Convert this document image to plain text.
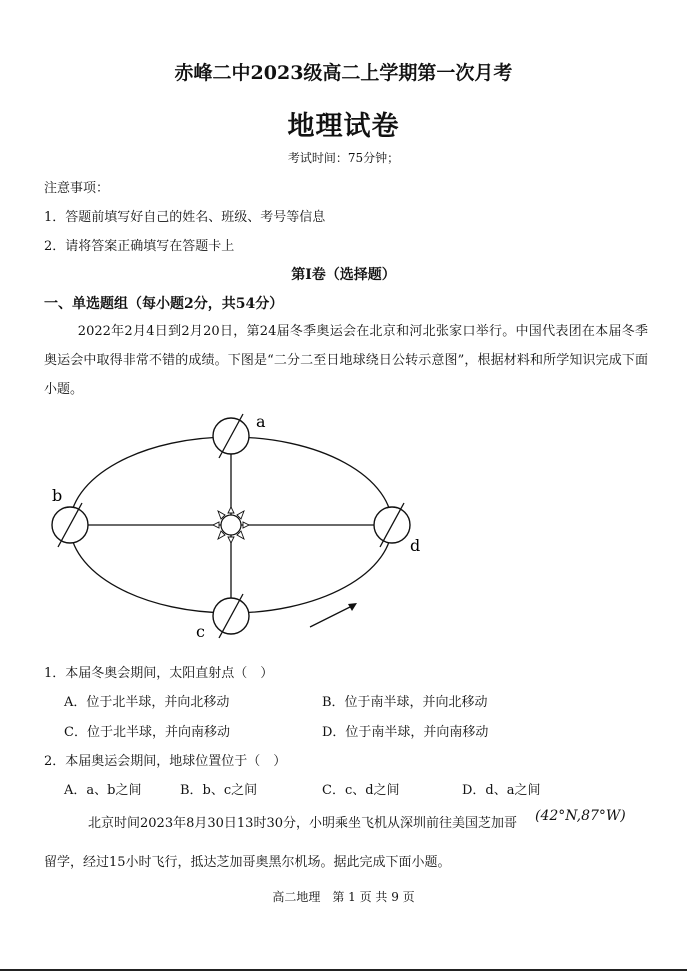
赤峰二中2023级高二上学期第一次月考
地理试卷
考试时间：75分钟；
注意事项：
1．答题前填写好自己的姓名、班级、考号等信息
2．请将答案正确填写在答题卡上
第Ⅰ卷（选择题）
一、单选题组（每小题2分，共54分）
2022年2月4日到2月20日，第24届冬季奥运会在北京和河北张家口举行。中国代表团在本届冬季奥运会中取得非常不错的成绩。下图是“二分二至日地球绕日公转示意图”，根据材料和所学知识完成下面小题。
a
b
c
d
1．本届冬奥会期间，太阳直射点（　）
A．位于北半球，并向北移动	B．位于南半球，并向北移动
C．位于北半球，并向南移动	D．位于南半球，并向南移动
2．本届奥运会期间，地球位置位于（　）
A．a、b之间	B．b、c之间	C．c、d之间	D．d、a之间
北京时间2023年8月30日13时30分，小明乘坐飞机从深圳前往美国芝加哥 (42°N,87°W)
留学，经过15小时飞行，抵达芝加哥奥黑尔机场。据此完成下面小题。
高二地理　第 1 页 共 9 页
